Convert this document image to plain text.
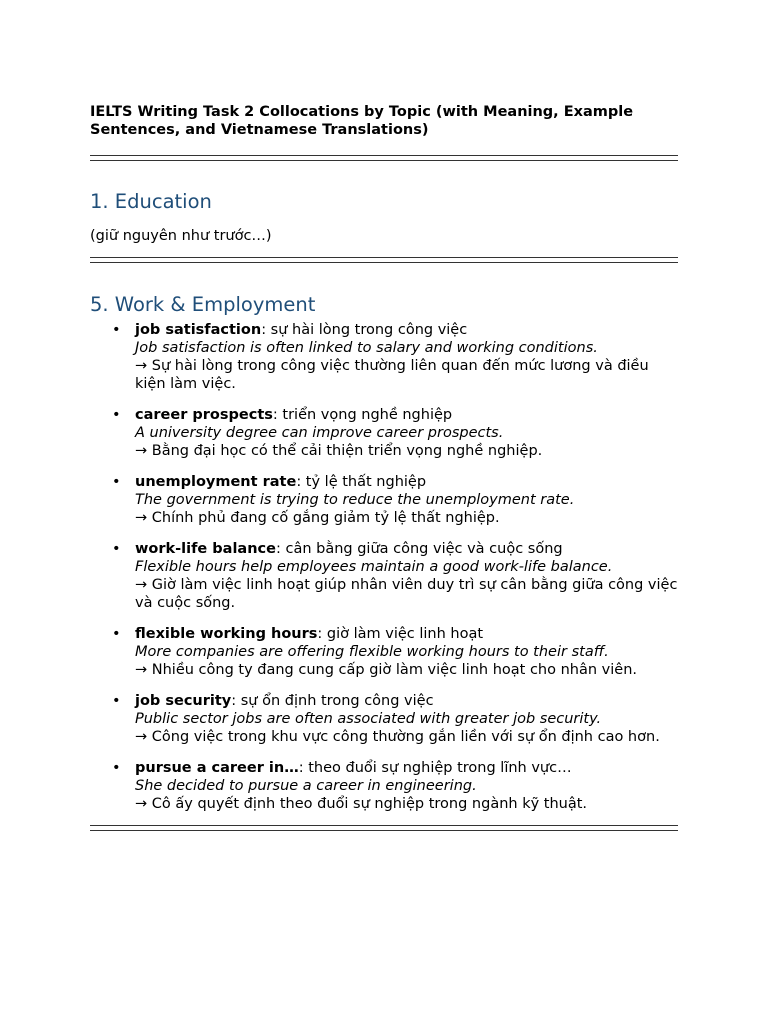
IELTS Writing Task 2 Collocations by Topic (with Meaning, Example Sentences, and Vietnamese Translations)
1. Education
(giữ nguyên như trước…)
5. Work & Employment
• job satisfaction: sự hài lòng trong công việc
Job satisfaction is often linked to salary and working conditions.
→ Sự hài lòng trong công việc thường liên quan đến mức lương và điều kiện làm việc.
• career prospects: triển vọng nghề nghiệp
A university degree can improve career prospects.
→ Bằng đại học có thể cải thiện triển vọng nghề nghiệp.
• unemployment rate: tỷ lệ thất nghiệp
The government is trying to reduce the unemployment rate.
→ Chính phủ đang cố gắng giảm tỷ lệ thất nghiệp.
• work-life balance: cân bằng giữa công việc và cuộc sống
Flexible hours help employees maintain a good work-life balance.
→ Giờ làm việc linh hoạt giúp nhân viên duy trì sự cân bằng giữa công việc và cuộc sống.
• flexible working hours: giờ làm việc linh hoạt
More companies are offering flexible working hours to their staff.
→ Nhiều công ty đang cung cấp giờ làm việc linh hoạt cho nhân viên.
• job security: sự ổn định trong công việc
Public sector jobs are often associated with greater job security.
→ Công việc trong khu vực công thường gắn liền với sự ổn định cao hơn.
• pursue a career in…: theo đuổi sự nghiệp trong lĩnh vực…
She decided to pursue a career in engineering.
→ Cô ấy quyết định theo đuổi sự nghiệp trong ngành kỹ thuật.
